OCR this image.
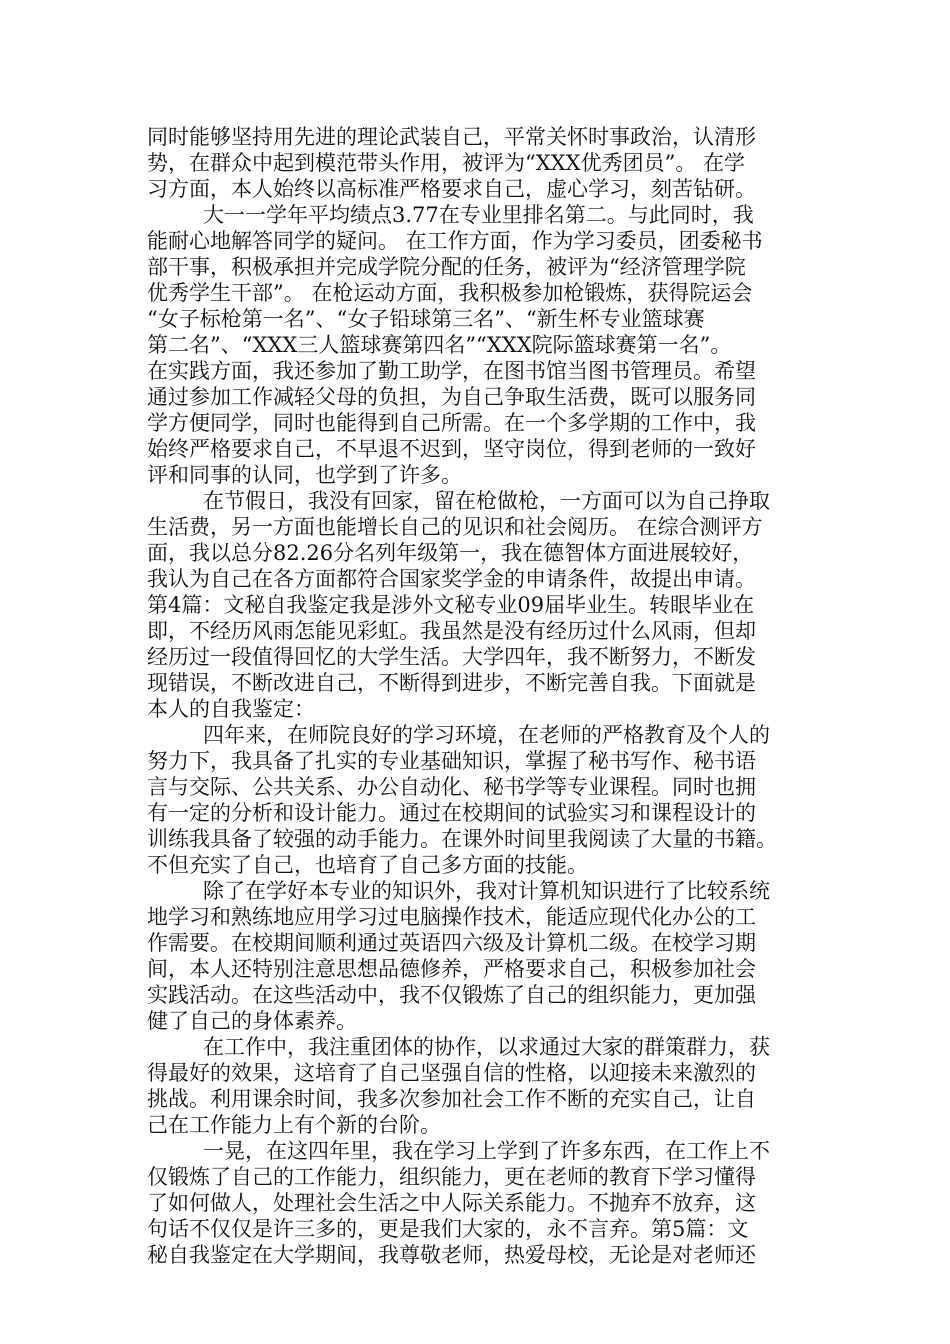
同时能够坚持用先进的理论武装自己，平常关怀时事政治，认清形
势，在群众中起到模范带头作用，被评为“XXX优秀团员”。 在学
习方面，本人始终以高标准严格要求自己，虚心学习，刻苦钻研。
大一一学年平均绩点3.77在专业里排名第二。与此同时，我
能耐心地解答同学的疑问。 在工作方面，作为学习委员，团委秘书
部干事，积极承担并完成学院分配的任务，被评为“经济管理学院
优秀学生干部”。 在枪运动方面，我积极参加枪锻炼，获得院运会
“女子标枪第一名”、“女子铅球第三名”、“新生杯专业篮球赛
第二名”、“XXX三人篮球赛第四名”“XXX院际篮球赛第一名”。
在实践方面，我还参加了勤工助学，在图书馆当图书管理员。希望
通过参加工作减轻父母的负担，为自己争取生活费，既可以服务同
学方便同学，同时也能得到自己所需。在一个多学期的工作中，我
始终严格要求自己，不早退不迟到，坚守岗位，得到老师的一致好
评和同事的认同，也学到了许多。
在节假日，我没有回家，留在枪做枪，一方面可以为自己挣取
生活费，另一方面也能增长自己的见识和社会阅历。 在综合测评方
面，我以总分82.26分名列年级第一，我在德智体方面进展较好，
我认为自己在各方面都符合国家奖学金的申请条件，故提出申请。
第4篇：文秘自我鉴定我是涉外文秘专业09届毕业生。转眼毕业在
即，不经历风雨怎能见彩虹。我虽然是没有经历过什么风雨，但却
经历过一段值得回忆的大学生活。大学四年，我不断努力，不断发
现错误，不断改进自己，不断得到进步，不断完善自我。下面就是
本人的自我鉴定：
四年来，在师院良好的学习环境，在老师的严格教育及个人的
努力下，我具备了扎实的专业基础知识，掌握了秘书写作、秘书语
言与交际、公共关系、办公自动化、秘书学等专业课程。同时也拥
有一定的分析和设计能力。通过在校期间的试验实习和课程设计的
训练我具备了较强的动手能力。在课外时间里我阅读了大量的书籍。
不但充实了自己，也培育了自己多方面的技能。
除了在学好本专业的知识外，我对计算机知识进行了比较系统
地学习和熟练地应用学习过电脑操作技术，能适应现代化办公的工
作需要。在校期间顺利通过英语四六级及计算机二级。在校学习期
间，本人还特别注意思想品德修养，严格要求自己，积极参加社会
实践活动。在这些活动中，我不仅锻炼了自己的组织能力，更加强
健了自己的身体素养。
在工作中，我注重团体的协作，以求通过大家的群策群力，获
得最好的效果，这培育了自己坚强自信的性格，以迎接未来激烈的
挑战。利用课余时间，我多次参加社会工作不断的充实自己，让自
己在工作能力上有个新的台阶。
一晃，在这四年里，我在学习上学到了许多东西，在工作上不
仅锻炼了自己的工作能力，组织能力，更在老师的教育下学习懂得
了如何做人，处理社会生活之中人际关系能力。不抛弃不放弃，这
句话不仅仅是许三多的，更是我们大家的，永不言弃。第5篇：文
秘自我鉴定在大学期间，我尊敬老师，热爱母校，无论是对老师还
